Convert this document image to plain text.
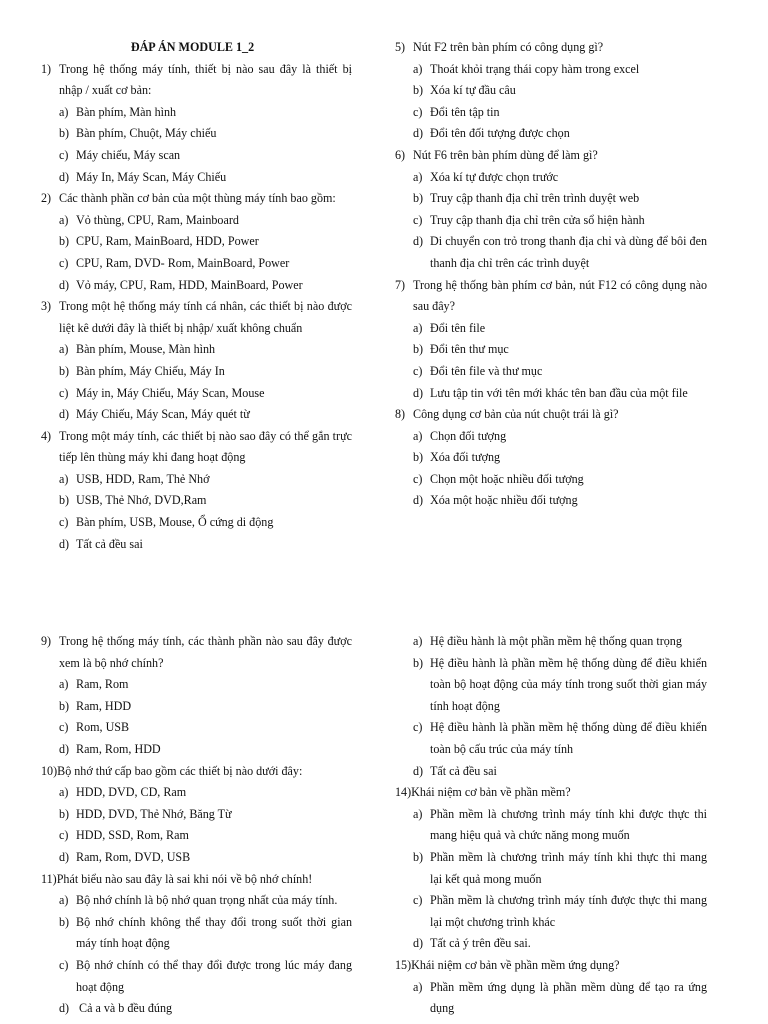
ĐÁP ÁN MODULE 1_2
1) Trong hệ thống máy tính, thiết bị nào sau đây là thiết bị nhập / xuất cơ bản:
a) Bàn phím, Màn hình
b) Bàn phím, Chuột, Máy chiếu
c) Máy chiếu, Máy scan
d) Máy In, Máy Scan, Máy Chiếu
2) Các thành phần cơ bản của một thùng máy tính bao gồm:
a) Vỏ thùng, CPU, Ram, Mainboard
b) CPU, Ram, MainBoard, HDD, Power
c) CPU, Ram, DVD- Rom, MainBoard, Power
d) Vỏ máy, CPU, Ram, HDD, MainBoard, Power
3) Trong một hệ thống máy tính cá nhân, các thiết bị nào được liệt kê dưới đây là thiết bị nhập/ xuất không chuẩn
a) Bàn phím, Mouse, Màn hình
b) Bàn phím, Máy Chiếu, Máy In
c) Máy in, Máy Chiếu, Máy Scan, Mouse
d) Máy Chiếu, Máy Scan, Máy quét từ
4) Trong một máy tính, các thiết bị nào sao đây có thể gắn trực tiếp lên thùng máy khi đang hoạt động
a) USB, HDD, Ram, Thẻ Nhớ
b) USB, Thẻ Nhớ, DVD,Ram
c) Bàn phím, USB, Mouse, Ổ cứng di động
d) Tất cả đều sai
5) Nút F2 trên bàn phím có công dụng gì?
a) Thoát khỏi trạng thái copy hàm trong excel
b) Xóa kí tự đầu câu
c) Đổi tên tập tin
d) Đổi tên đối tượng được chọn
6) Nút F6 trên bàn phím dùng để làm gì?
a) Xóa kí tự được chọn trước
b) Truy cập thanh địa chỉ trên trình duyệt web
c) Truy cập thanh địa chỉ trên cửa sổ hiện hành
d) Di chuyển con trỏ trong thanh địa chỉ và dùng để bôi đen thanh địa chỉ trên các trình duyệt
7) Trong hệ thống bàn phím cơ bản, nút F12 có công dụng nào sau đây?
a) Đổi tên file
b) Đổi tên thư mục
c) Đổi tên file và thư mục
d) Lưu tập tin với tên mới khác tên ban đầu của một file
8) Công dụng cơ bản của nút chuột trái là gì?
a) Chọn đối tượng
b) Xóa đối tượng
c) Chọn một hoặc nhiều đối tượng
d) Xóa một hoặc nhiều đối tượng
9) Trong hệ thống máy tính, các thành phần nào sau đây được xem là bộ nhớ chính?
a) Ram, Rom
b) Ram, HDD
c) Rom, USB
d) Ram, Rom, HDD
10)Bộ nhớ thứ cấp bao gồm các thiết bị nào dưới đây:
a) HDD, DVD, CD, Ram
b) HDD, DVD, Thẻ Nhớ, Băng Từ
c) HDD, SSD, Rom, Ram
d) Ram, Rom, DVD, USB
11)Phát biểu nào sau đây là sai khi nói về bộ nhớ chính!
a) Bộ nhớ chính là bộ nhớ quan trọng nhất của máy tính.
b) Bộ nhớ chính không thể thay đổi trong suốt thời gian máy tính hoạt động
c) Bộ nhớ chính có thể thay đổi được trong lúc máy đang hoạt động
d) Cả a và b đều đúng
a) Hệ điều hành là một phần mềm hệ thống quan trọng
b) Hệ điều hành là phần mềm hệ thống dùng để điều khiển toàn bộ hoạt động của máy tính trong suốt thời gian máy tính hoạt động
c) Hệ điều hành là phần mềm hệ thống dùng để điều khiển toàn bộ cấu trúc của máy tính
d) Tất cả đều sai
14)Khái niệm cơ bản về phần mềm?
a) Phần mềm là chương trình máy tính khi được thực thi mang hiệu quả và chức năng mong muốn
b) Phần mềm là chương trình máy tính khi thực thi mang lại kết quả mong muốn
c) Phần mềm là chương trình máy tính được thực thi mang lại một chương trình khác
d) Tất cả ý trên đều sai.
15)Khái niệm cơ bản về phần mềm ứng dụng?
a) Phần mềm ứng dụng là phần mềm dùng để tạo ra ứng dụng
